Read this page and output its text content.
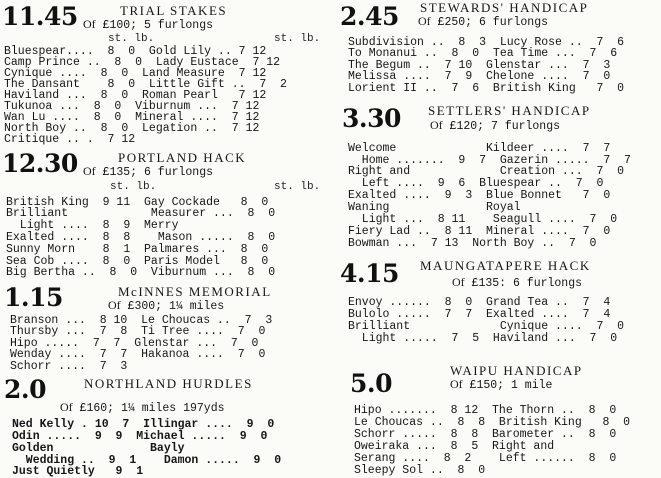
11.45	TRIAL STAKES
Of £100; 5 furlongs
st. lb.	st. lb.
Bluespear....  8  0  Gold Lily .. 7 12
Camp Prince ..  8  0  Lady Eustace  7 12
Cynique ....  8  0  Land Measure  7 12
The Dansant    8  0  Little Gift ..  7  2
Haviland ...  8  0  Roman Pearl   7 12
Tukunoa ...  8  0  Viburnum ...  7 12
Wan Lu ....  8  0  Mineral ....  7 12
North Boy ..  8  0  Legation ..  7 12
Critique .. .  7 12
12.30	PORTLAND HACK
Of £135; 6 furlongs
st. lb.	st. lb.
British King  9 11  Gay Cockade   8  0
Brilliant            Measurer ...  8  0
Light ....  8  9  Merry
Exalted ....  8  8    Mason .....  8  0
Sunny Morn    8  1  Palmares ...  8  0
Sea Cob ....  8  0  Paris Model   8  0
Big Bertha ..  8  0  Viburnum ...  8  0
1.15	McINNES MEMORIAL
Of £300; 1¼ miles
Branson ...  8 10  Le Choucas ..  7  3
Thursby ...  7  8  Ti Tree ....  7  0
Hipo .....  7  7  Glenstar ...  7  0
Wenday ....  7  7  Hakanoa ....  7  0
Schorr ....  7  3
2.0	NORTHLAND HURDLES
Of £160; 1¼ miles 197yds
Ned Kelly . 10  7  Illingar ....  9  0
Odin .....  9  9  Michael .....  9  0
Golden              Bayly
Wedding ..  9  1    Damon .....  9  0
Just Quietly   9  1
2.45 STEWARDS' HANDICAP
Of £250; 6 furlongs
Subdivision ..  8  3  Lucy Rose ..  7  6
To Monanui ..  8  0  Tea Time ...  7  6
The Begum ..  7 10  Glenstar ...  7  3
Melissa ....  7  9  Chelone ....  7  0
Lorient II ..  7  6  British King   7  0
3.30 SETTLERS' HANDICAP
Of £120; 7 furlongs
Welcome             Kildeer ....  7  7
Home .......  9  7  Gazerin .....  7  7
Right and             Creation ...  7  0
Left ....  9  6  Bluespear ..  7  0
Exalted ....  9  3  Blue Bonnet   7  0
Waning              Royal
Light ...  8 11    Seagull ....  7  0
Fiery Lad ..  8 11  Mineral ....  7  0
Bowman ...  7 13  North Boy ..  7  0
4.15 MAUNGATAPERE HACK
Of £135: 6 furlongs
Envoy ......  8  0  Grand Tea ..  7  4
Bulolo .....  7  7  Exalted ....  7  4
Brilliant             Cynique ....  7  0
Light .....  7  5  Haviland ...  7  0
5.0	WAIPU HANDICAP
Of £150; 1 mile
Hipo .......  8 12  The Thorn ..  8  0
Le Choucas ..  8  8  British King   8  0
Schorr .....  8  8  Barometer ..  8  0
Oweiraka ...  8  5  Right and
Serang ....  8  2    Left ......  8  0
Sleepy Sol ..  8  0
